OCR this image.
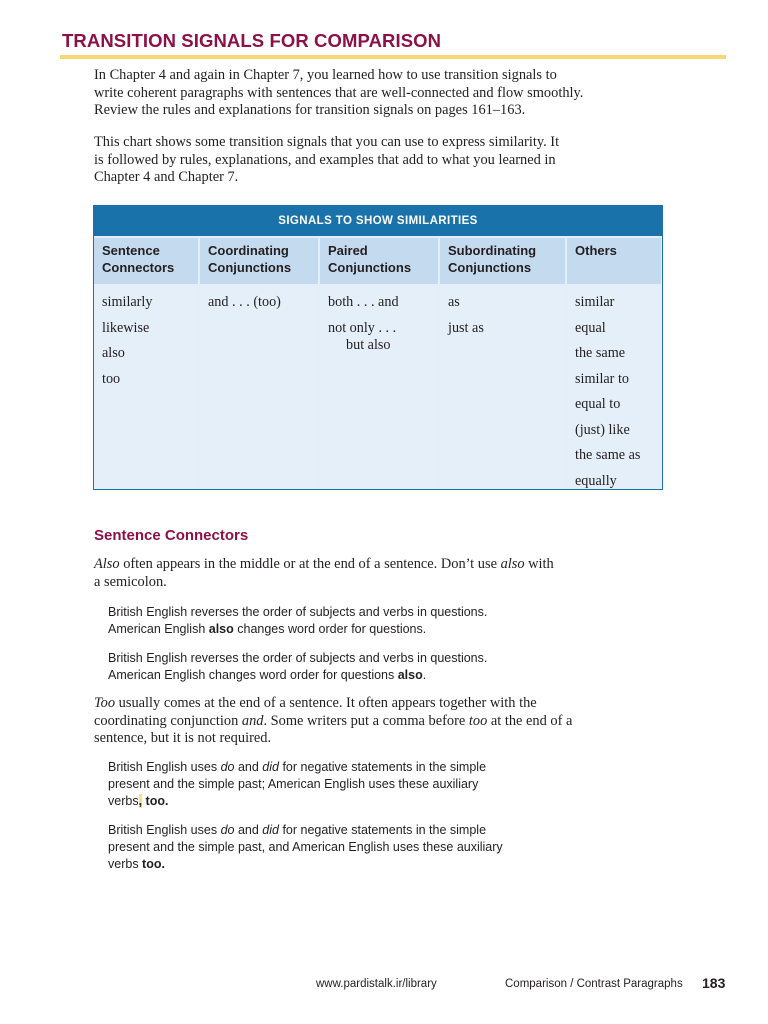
TRANSITION SIGNALS FOR COMPARISON
In Chapter 4 and again in Chapter 7, you learned how to use transition signals to
write coherent paragraphs with sentences that are well-connected and flow smoothly.
Review the rules and explanations for transition signals on pages 161–163.
This chart shows some transition signals that you can use to express similarity. It
is followed by rules, explanations, and examples that add to what you learned in
Chapter 4 and Chapter 7.
SIGNALS TO SHOW SIMILARITIES
Sentence
Connectors
Coordinating
Conjunctions
Paired
Conjunctions
Subordinating
Conjunctions
Others
similarly
likewise
also
too
and . . . (too)	both . . . and
not only . . .
but also
as
just as
similar
equal
the same
similar to
equal to
(just) like
the same as
equally
Sentence Connectors
Also often appears in the middle or at the end of a sentence. Don’t use also with
a semicolon.
British English reverses the order of subjects and verbs in questions.
American English also changes word order for questions.
British English reverses the order of subjects and verbs in questions.
American English changes word order for questions also.
Too usually comes at the end of a sentence. It often appears together with the
coordinating conjunction and. Some writers put a comma before too at the end of a
sentence, but it is not required.
British English uses do and did for negative statements in the simple
present and the simple past; American English uses these auxiliary
verbs, too.
British English uses do and did for negative statements in the simple
present and the simple past, and American English uses these auxiliary
verbs too.
www.pardistalk.ir/library	Comparison / Contrast Paragraphs 183
